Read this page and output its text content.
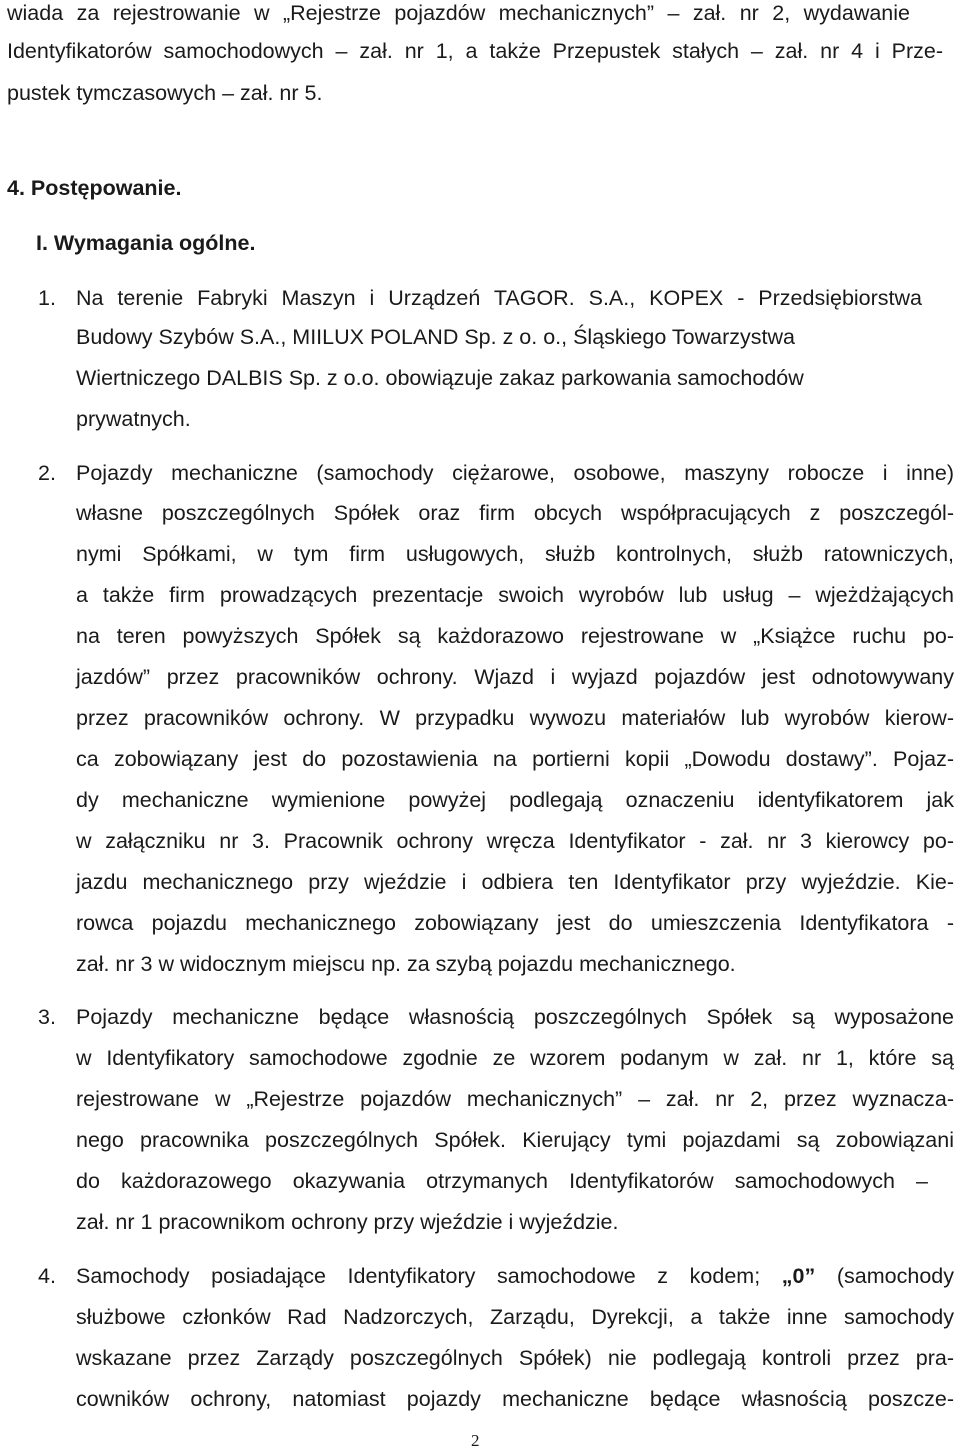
wiada za rejestrowanie w „Rejestrze pojazdów mechanicznych” – zał. nr 2, wydawanie
Identyfikatorów samochodowych – zał. nr 1, a także Przepustek stałych – zał. nr 4 i Prze-
pustek tymczasowych – zał. nr 5.
4. Postępowanie.
I. Wymagania ogólne.
1. Na terenie Fabryki Maszyn i Urządzeń TAGOR. S.A., KOPEX - Przedsiębiorstwa
Budowy Szybów S.A., MIILUX POLAND Sp. z o. o., Śląskiego Towarzystwa
Wiertniczego DALBIS Sp. z o.o. obowiązuje zakaz parkowania samochodów
prywatnych.
2. Pojazdy mechaniczne (samochody ciężarowe, osobowe, maszyny robocze i inne)
własne poszczególnych Spółek oraz firm obcych współpracujących z poszczegól-
nymi Spółkami, w tym firm usługowych, służb kontrolnych, służb ratowniczych,
a także firm prowadzących prezentacje swoich wyrobów lub usług – wjeżdżających
na teren powyższych Spółek są każdorazowo rejestrowane w „Książce ruchu po-
jazdów” przez pracowników ochrony. Wjazd i wyjazd pojazdów jest odnotowywany
przez pracowników ochrony. W przypadku wywozu materiałów lub wyrobów kierow-
ca zobowiązany jest do pozostawienia na portierni kopii „Dowodu dostawy”. Pojaz-
dy mechaniczne wymienione powyżej podlegają oznaczeniu identyfikatorem jak
w załączniku nr 3. Pracownik ochrony wręcza Identyfikator - zał. nr 3 kierowcy po-
jazdu mechanicznego przy wjeździe i odbiera ten Identyfikator przy wyjeździe. Kie-
rowca pojazdu mechanicznego zobowiązany jest do umieszczenia Identyfikatora -
zał. nr 3 w widocznym miejscu np. za szybą pojazdu mechanicznego.
3. Pojazdy mechaniczne będące własnością poszczególnych Spółek są wyposażone
w Identyfikatory samochodowe zgodnie ze wzorem podanym w zał. nr 1, które są
rejestrowane w „Rejestrze pojazdów mechanicznych” – zał. nr 2, przez wyznacza-
nego pracownika poszczególnych Spółek. Kierujący tymi pojazdami są zobowiązani
do każdorazowego okazywania otrzymanych Identyfikatorów samochodowych –
zał. nr 1 pracownikom ochrony przy wjeździe i wyjeździe.
4. Samochody posiadające Identyfikatory samochodowe z kodem; „0” (samochody
służbowe członków Rad Nadzorczych, Zarządu, Dyrekcji, a także inne samochody
wskazane przez Zarządy poszczególnych Spółek) nie podlegają kontroli przez pra-
cowników ochrony, natomiast pojazdy mechaniczne będące własnością poszcze-
2
